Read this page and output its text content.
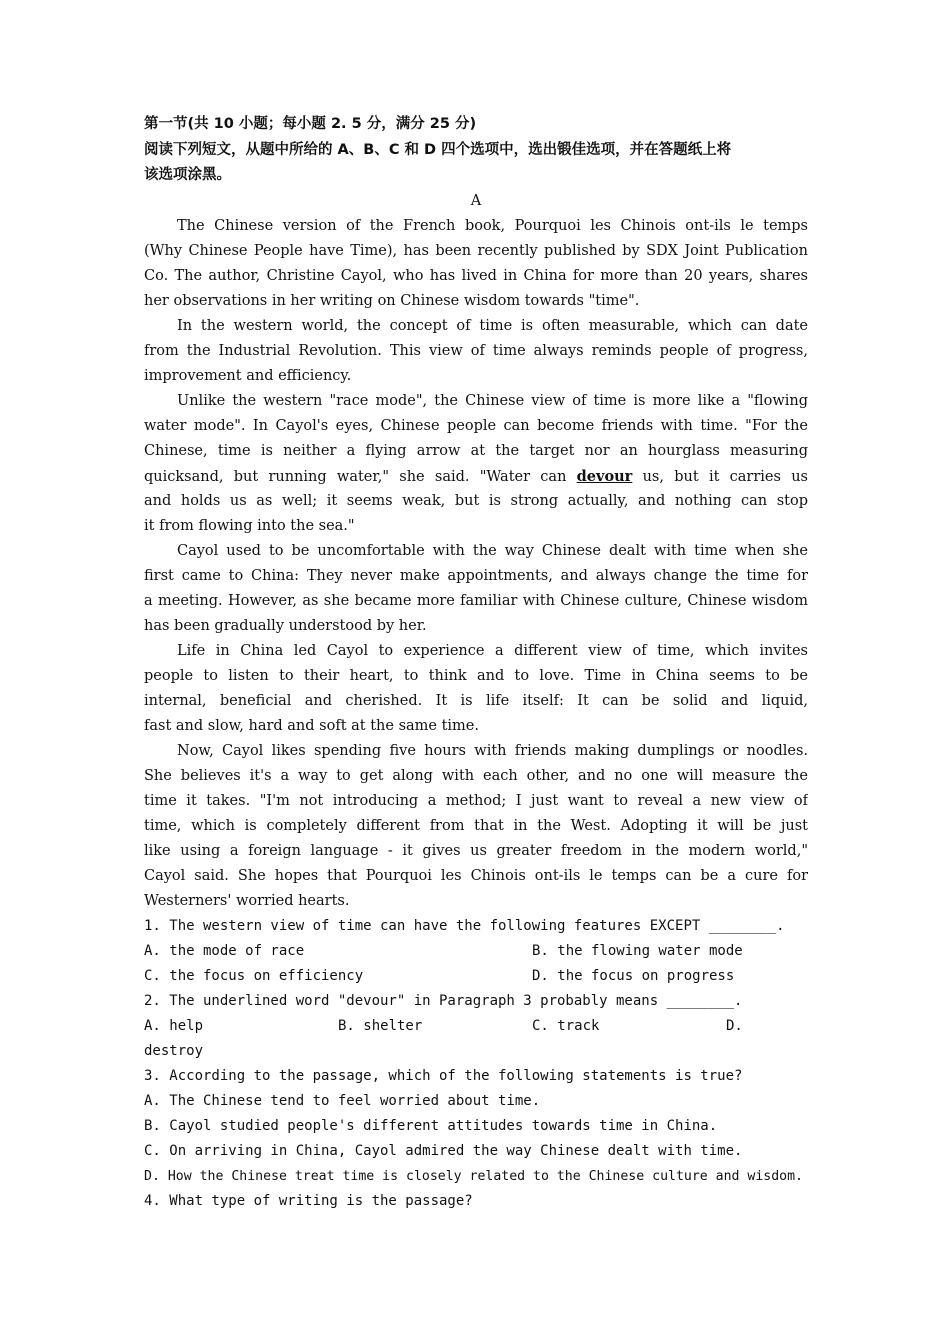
第一节(共 10 小题；每小题 2. 5 分，满分 25 分)
阅读下列短文，从题中所给的 A、B、C 和 D 四个选项中，选出锻佳选项，并在答题纸上将
该选项涂黑。
A
The Chinese version of the French book, Pourquoi les Chinois ont-ils le temps
(Why Chinese People have Time), has been recently published by SDX Joint Publication
Co. The author, Christine Cayol, who has lived in China for more than 20 years, shares
her observations in her writing on Chinese wisdom towards "time".
In the western world, the concept of time is often measurable, which can date
from the Industrial Revolution. This view of time always reminds people of progress,
improvement and efficiency.
Unlike the western "race mode", the Chinese view of time is more like a "flowing
water mode". In Cayol's eyes, Chinese people can become friends with time. "For the
Chinese, time is neither a flying arrow at the target nor an hourglass measuring
quicksand, but running water," she said. "Water can devour us, but it carries us
and holds us as well; it seems weak, but is strong actually, and nothing can stop
it from flowing into the sea."
Cayol used to be uncomfortable with the way Chinese dealt with time when she
first came to China: They never make appointments, and always change the time for
a meeting. However, as she became more familiar with Chinese culture, Chinese wisdom
has been gradually understood by her.
Life in China led Cayol to experience a different view of time, which invites
people to listen to their heart, to think and to love. Time in China seems to be
internal, beneficial and cherished. It is life itself: It can be solid and liquid,
fast and slow, hard and soft at the same time.
Now, Cayol likes spending five hours with friends making dumplings or noodles.
She believes it's a way to get along with each other, and no one will measure the
time it takes. "I'm not introducing a method; I just want to reveal a new view of
time, which is completely different from that in the West. Adopting it will be just
like using a foreign language - it gives us greater freedom in the modern world,"
Cayol said. She hopes that Pourquoi les Chinois ont-ils le temps can be a cure for
Westerners' worried hearts.
1. The western view of time can have the following features EXCEPT ________.
A. the mode of race	B. the flowing water mode
C. the focus on efficiency	D. the focus on progress
2. The underlined word "devour" in Paragraph 3 probably means ________.
A. help	B. shelter	C. track	D.
destroy
3. According to the passage, which of the following statements is true?
A. The Chinese tend to feel worried about time.
B. Cayol studied people's different attitudes towards time in China.
C. On arriving in China, Cayol admired the way Chinese dealt with time.
D. How the Chinese treat time is closely related to the Chinese culture and wisdom.
4. What type of writing is the passage?
